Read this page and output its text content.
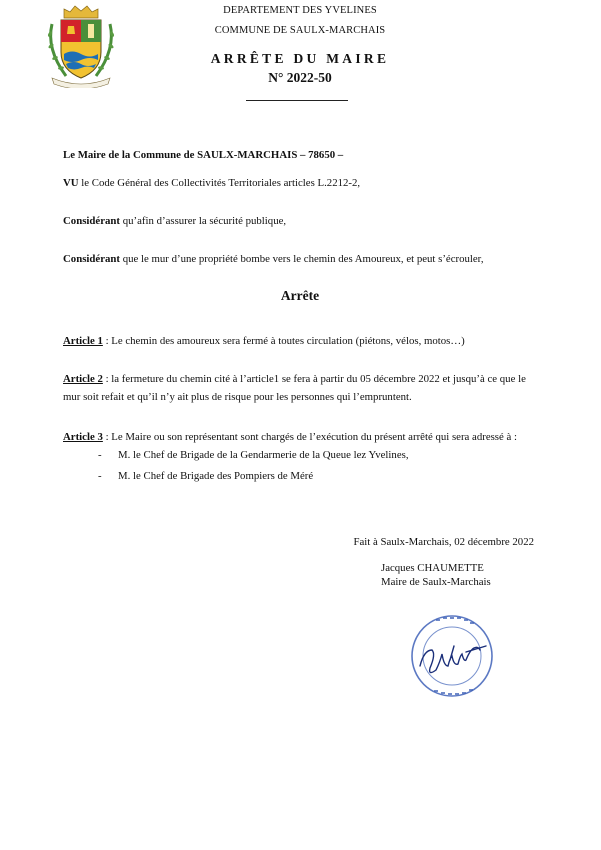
DEPARTEMENT DES YVELINES
COMMUNE DE SAULX-MARCHAIS
ARRÊTE DU MAIRE
N° 2022-50
Le Maire de la Commune de SAULX-MARCHAIS – 78650 –
VU le Code Général des Collectivités Territoriales articles L.2212-2,
Considérant qu’afin d’assurer la sécurité publique,
Considérant que le mur d’une propriété bombe vers le chemin des Amoureux, et peut s’écrouler,
Arrête
Article 1 : Le chemin des amoureux sera fermé à toutes circulation (piétons, vélos, motos…)
Article 2 : la fermeture du chemin cité à l’article1 se fera à partir du 05 décembre 2022 et jusqu’à ce que le mur soit refait et qu’il n’y ait plus de risque pour les personnes qui l’empruntent.
Article 3 : Le Maire ou son représentant sont chargés de l’exécution du présent arrêté qui sera adressé à :
- M. le Chef de Brigade de la Gendarmerie de la Queue lez Yvelines,
- M. le Chef de Brigade des Pompiers de Méré
Fait à Saulx-Marchais, 02 décembre 2022
Jacques CHAUMETTE
Maire de Saulx-Marchais
